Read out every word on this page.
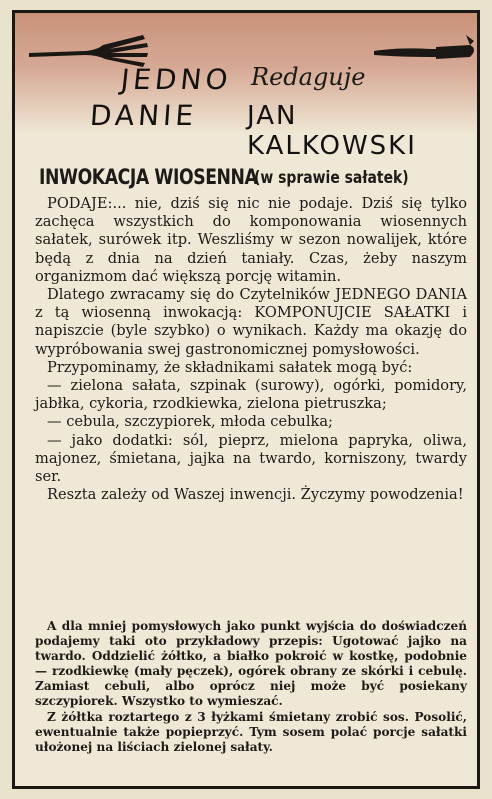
JEDNO Redaguje
DANIE JAN KALKOWSKI
INWOKACJA WIOSENNA
(w sprawie sałatek)

PODAJE:... nie, dziś się nic nie podaje. Dziś się tylko zachęca wszystkich do komponowania wiosennych sałatek, surówek itp. Weszliśmy w sezon nowalijek, które będą z dnia na dzień taniały. Czas, żeby naszym organizmom dać większą porcję witamin.

Dlatego zwracamy się do Czytelników JEDNEGO DANIA z tą wiosenną inwokacją: KOMPONUJCIE SAŁATKI i napiszcie (byle szybko) o wynikach. Każdy ma okazję do wypróbowania swej gastronomicznej pomysłowości.

Przypominamy, że składnikami sałatek mogą być:

— zielona sałata, szpinak (surowy), ogórki, pomidory, jabłka, cykoria, rzodkiewka, zielona pietruszka;

— cebula, szczypiorek, młoda cebulka;

— jako dodatki: sól, pieprz, mielona papryka, oliwa, majonez, śmietana, jajka na twardo, korniszony, twardy ser.

Reszta zależy od Waszej inwencji. Życzymy powodzenia!

A dla mniej pomysłowych jako punkt wyjścia do doświadczeń podajemy taki oto przykładowy przepis: Ugotować jajko na twardo. Oddzielić żółtko, a białko pokroić w kostkę, podobnie — rzodkiewkę (mały pęczek), ogórek obrany ze skórki i cebulę. Zamiast cebuli, albo oprócz niej może być posiekany szczypiorek. Wszystko to wymieszać.

Z żółtka roztartego z 3 łyżkami śmietany zrobić sos. Posolić, ewentualnie także popieprzyć. Tym sosem polać porcje sałatki ułożonej na liściach zielonej sałaty.
